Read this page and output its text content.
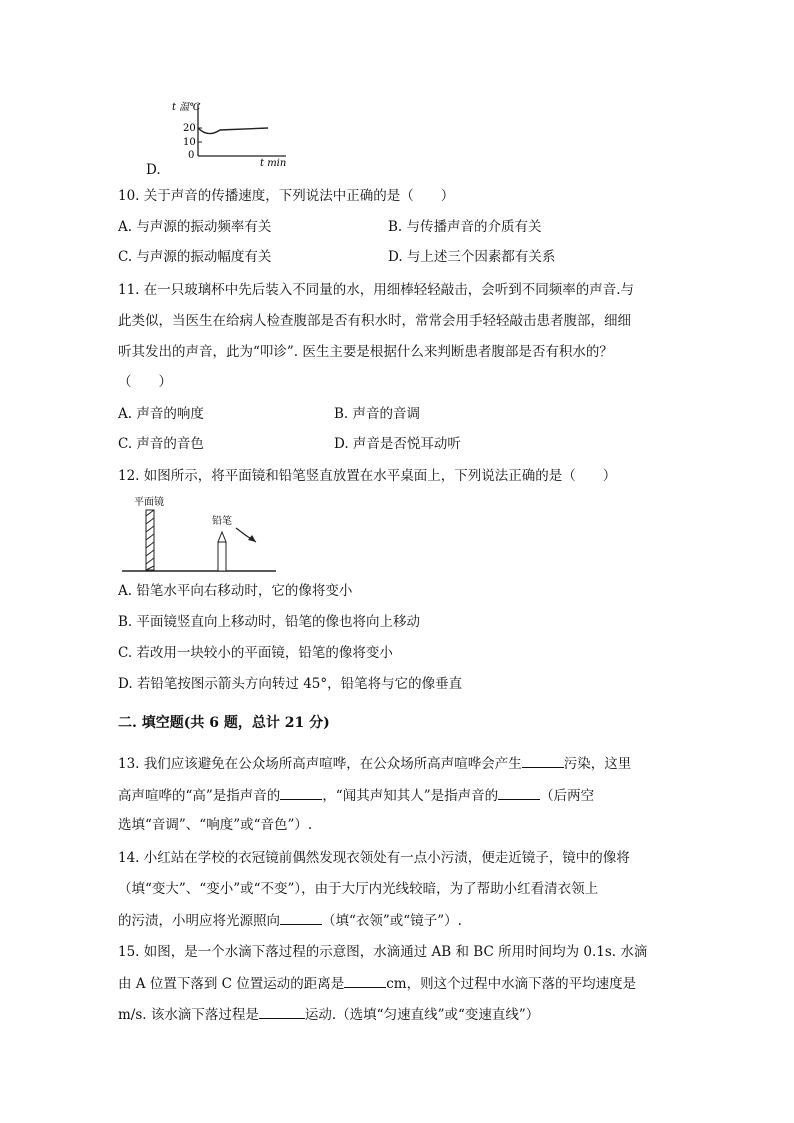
t 温℃
20
10
0
t min
D.
10. 关于声音的传播速度，下列说法中正确的是（　　）
A. 与声源的振动频率有关	B. 与传播声音的介质有关
C. 与声源的振动幅度有关	D. 与上述三个因素都有关系
11. 在一只玻璃杯中先后装入不同量的水，用细棒轻轻敲击，会听到不同频率的声音.与
此类似，当医生在给病人检查腹部是否有积水时，常常会用手轻轻敲击患者腹部，细细
听其发出的声音，此为“叩诊”. 医生主要是根据什么来判断患者腹部是否有积水的？
（　　）
A. 声音的响度	B. 声音的音调
C. 声音的音色	D. 声音是否悦耳动听
12. 如图所示，将平面镜和铅笔竖直放置在水平桌面上，下列说法正确的是（　　）
平面镜
铅笔
A. 铅笔水平向右移动时，它的像将变小
B. 平面镜竖直向上移动时，铅笔的像也将向上移动
C. 若改用一块较小的平面镜，铅笔的像将变小
D. 若铅笔按图示箭头方向转过 45°，铅笔将与它的像垂直
二. 填空题(共 6 题，总计 21 分)
13. 我们应该避免在公众场所高声喧哗，在公众场所高声喧哗会产生	污染，这里
高声喧哗的“高”是指声音的	，“闻其声知其人”是指声音的	（后两空
选填“音调”、“响度”或“音色”）.
14. 小红站在学校的衣冠镜前偶然发现衣领处有一点小污渍，便走近镜子，镜中的像将
（填“变大”、“变小”或“不变”），由于大厅内光线较暗，为了帮助小红看清衣领上
的污渍，小明应将光源照向	（填“衣领”或“镜子”）.
15. 如图，是一个水滴下落过程的示意图，水滴通过 AB 和 BC 所用时间均为 0.1s. 水滴
由 A 位置下落到 C 位置运动的距离是	cm，则这个过程中水滴下落的平均速度是
m/s. 该水滴下落过程是	运动.（选填“匀速直线”或“变速直线”）
